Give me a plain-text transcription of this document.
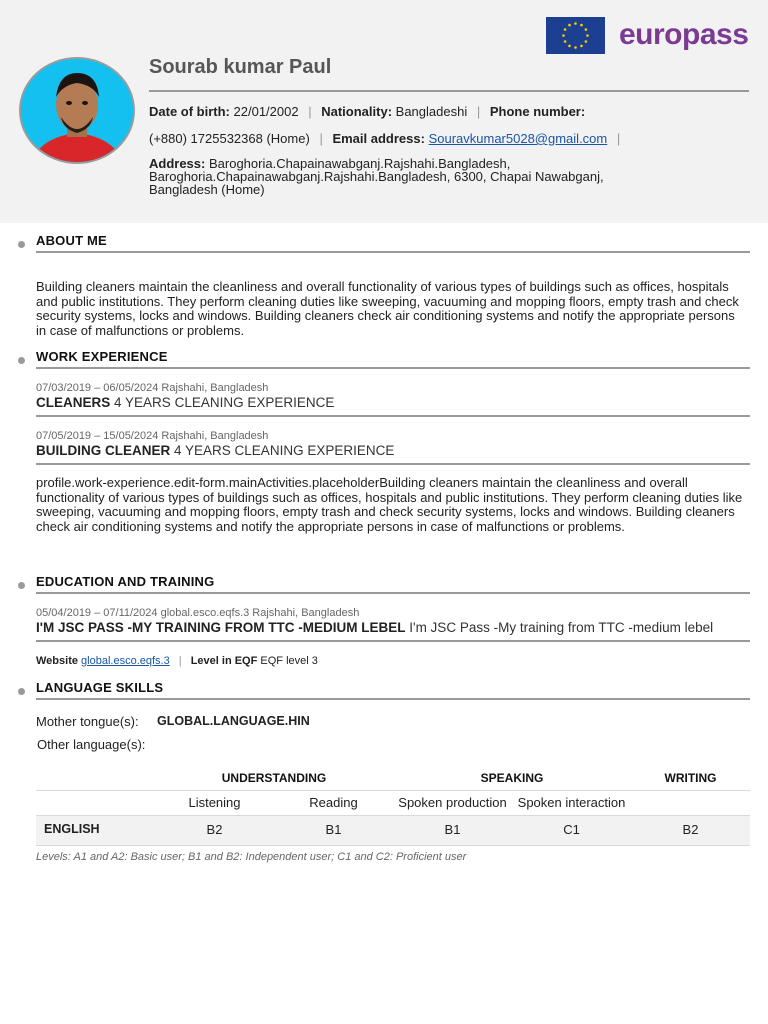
europass
Sourab kumar Paul
Date of birth: 22/01/2002 | Nationality: Bangladeshi | Phone number:
(+880) 1725532368 (Home) | Email address: Souravkumar5028@gmail.com |
Address: Baroghoria.Chapainawabganj.Rajshahi.Bangladesh, Baroghoria.Chapainawabganj.Rajshahi.Bangladesh, 6300, Chapai Nawabganj, Bangladesh (Home)
ABOUT ME
Building cleaners maintain the cleanliness and overall functionality of various types of buildings such as offices, hospitals and public institutions. They perform cleaning duties like sweeping, vacuuming and mopping floors, empty trash and check security systems, locks and windows. Building cleaners check air conditioning systems and notify the appropriate persons in case of malfunctions or problems.
WORK EXPERIENCE
07/03/2019 – 06/05/2024 Rajshahi, Bangladesh
CLEANERS 4 YEARS CLEANING EXPERIENCE
07/05/2019 – 15/05/2024 Rajshahi, Bangladesh
BUILDING CLEANER 4 YEARS CLEANING EXPERIENCE
profile.work-experience.edit-form.mainActivities.placeholderBuilding cleaners maintain the cleanliness and overall functionality of various types of buildings such as offices, hospitals and public institutions. They perform cleaning duties like sweeping, vacuuming and mopping floors, empty trash and check security systems, locks and windows. Building cleaners check air conditioning systems and notify the appropriate persons in case of malfunctions or problems.
EDUCATION AND TRAINING
05/04/2019 – 07/11/2024 global.esco.eqfs.3 Rajshahi, Bangladesh
I'M JSC PASS -MY TRAINING FROM TTC -MEDIUM LEBEL I'm JSC Pass -My training from TTC -medium lebel
Website global.esco.eqfs.3 | Level in EQF EQF level 3
LANGUAGE SKILLS
Mother tongue(s): GLOBAL.LANGUAGE.HIN
Other language(s):
UNDERSTANDING	SPEAKING	WRITING
Listening	Reading	Spoken production Spoken interaction
ENGLISH	B2	B1	B1	C1	B2
Levels: A1 and A2: Basic user; B1 and B2: Independent user; C1 and C2: Proficient user
